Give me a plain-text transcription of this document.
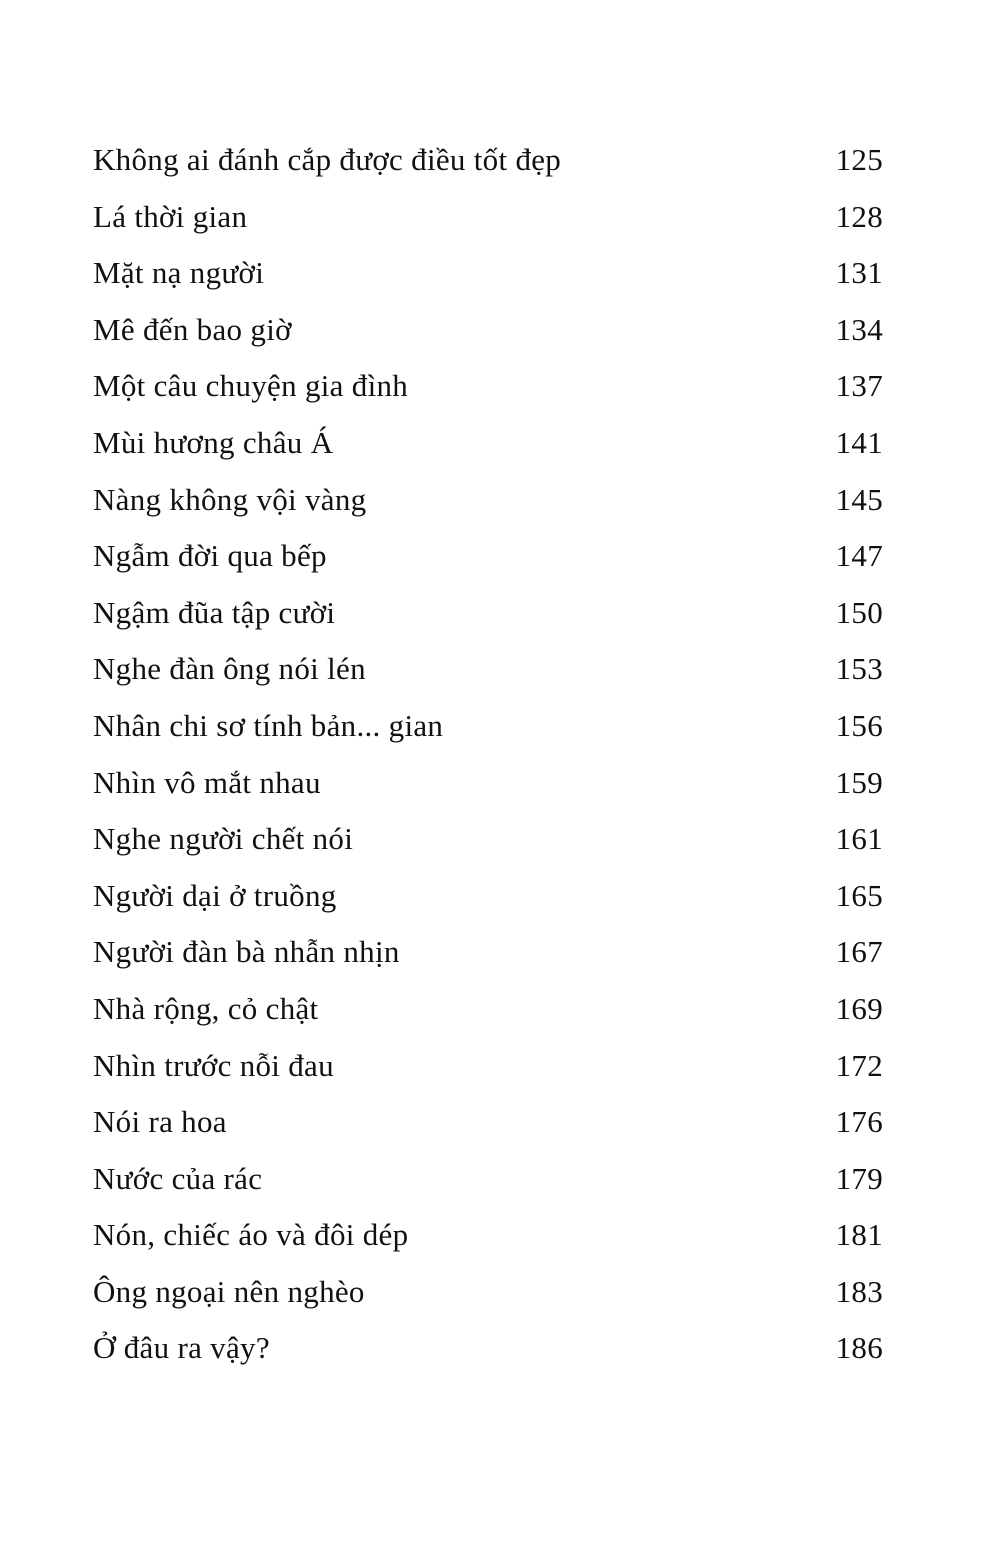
Không ai đánh cắp được điều tốt đẹp	125
Lá thời gian	128
Mặt nạ người	131
Mê đến bao giờ	134
Một câu chuyện gia đình	137
Mùi hương châu Á	141
Nàng không vội vàng	145
Ngẫm đời qua bếp	147
Ngậm đũa tập cười	150
Nghe đàn ông nói lén	153
Nhân chi sơ tính bản... gian	156
Nhìn vô mắt nhau	159
Nghe người chết nói	161
Người dại ở truồng	165
Người đàn bà nhẫn nhịn	167
Nhà rộng, cỏ chật	169
Nhìn trước nỗi đau	172
Nói ra hoa	176
Nước của rác	179
Nón, chiếc áo và đôi dép	181
Ông ngoại nên nghèo	183
Ở đâu ra vậy?	186
